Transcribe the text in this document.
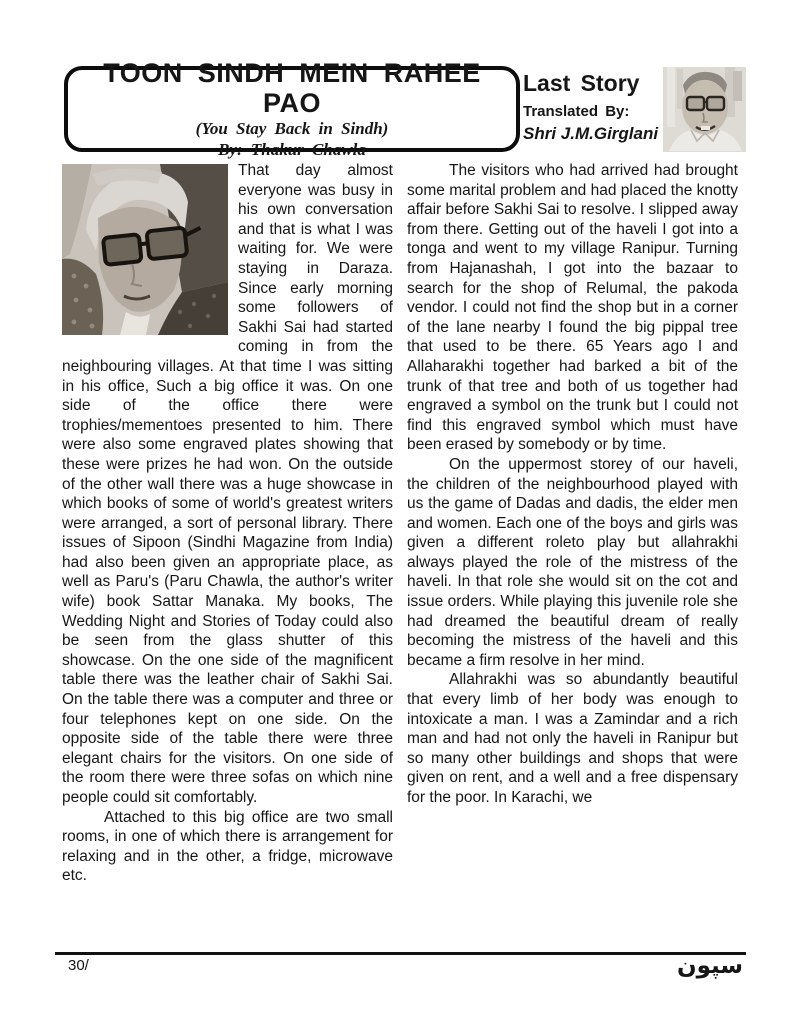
TOON SINDH MEIN RAHEE PAO
(You Stay Back in Sindh)
By: Thakur Chawla
Last Story
Translated By:
Shri J.M.Girglani

That day almost everyone was busy in his own conversation and that is what I was waiting for. We were staying in Daraza. Since early morning some followers of Sakhi Sai had started coming in from the neighbouring villages. At that time I was sitting in his office, Such a big office it was. On one side of the office there were trophies/mementoes presented to him. There were also some engraved plates showing that these were prizes he had won. On the outside of the other wall there was a huge showcase in which books of some of world's greatest writers were arranged, a sort of personal library. There issues of Sipoon (Sindhi Magazine from India) had also been given an appropriate place, as well as Paru's (Paru Chawla, the author's writer wife) book Sattar Manaka. My books, The Wedding Night and Stories of Today could also be seen from the glass shutter of this showcase. On the one side of the magnificent table there was the leather chair of Sakhi Sai. On the table there was a computer and three or four telephones kept on one side. On the opposite side of the table there were three elegant chairs for the visitors. On one side of the room there were three sofas on which nine people could sit comfortably.

Attached to this big office are two small rooms, in one of which there is arrangement for relaxing and in the other, a fridge, microwave etc.

The visitors who had arrived had brought some marital problem and had placed the knotty affair before Sakhi Sai to resolve. I slipped away from there. Getting out of the haveli I got into a tonga and went to my village Ranipur. Turning from Hajanashah, I got into the bazaar to search for the shop of Relumal, the pakoda vendor. I could not find the shop but in a corner of the lane nearby I found the big pippal tree that used to be there. 65 Years ago I and Allaharakhi together had barked a bit of the trunk of that tree and both of us together had engraved a symbol on the trunk but I could not find this engraved symbol which must have been erased by somebody or by time.

On the uppermost storey of our haveli, the children of the neighbourhood played with us the game of Dadas and dadis, the elder men and women. Each one of the boys and girls was given a different roleto play but allahrakhi always played the role of the mistress of the haveli. In that role she would sit on the cot and issue orders. While playing this juvenile role she had dreamed the beautiful dream of really becoming the mistress of the haveli and this became a firm resolve in her mind.

Allahrakhi was so abundantly beautiful that every limb of her body was enough to intoxicate a man. I was a Zamindar and a rich man and had not only the haveli in Ranipur but so many other buildings and shops that were given on rent, and a well and a free dispensary for the poor. In Karachi, we

30/	سپون
